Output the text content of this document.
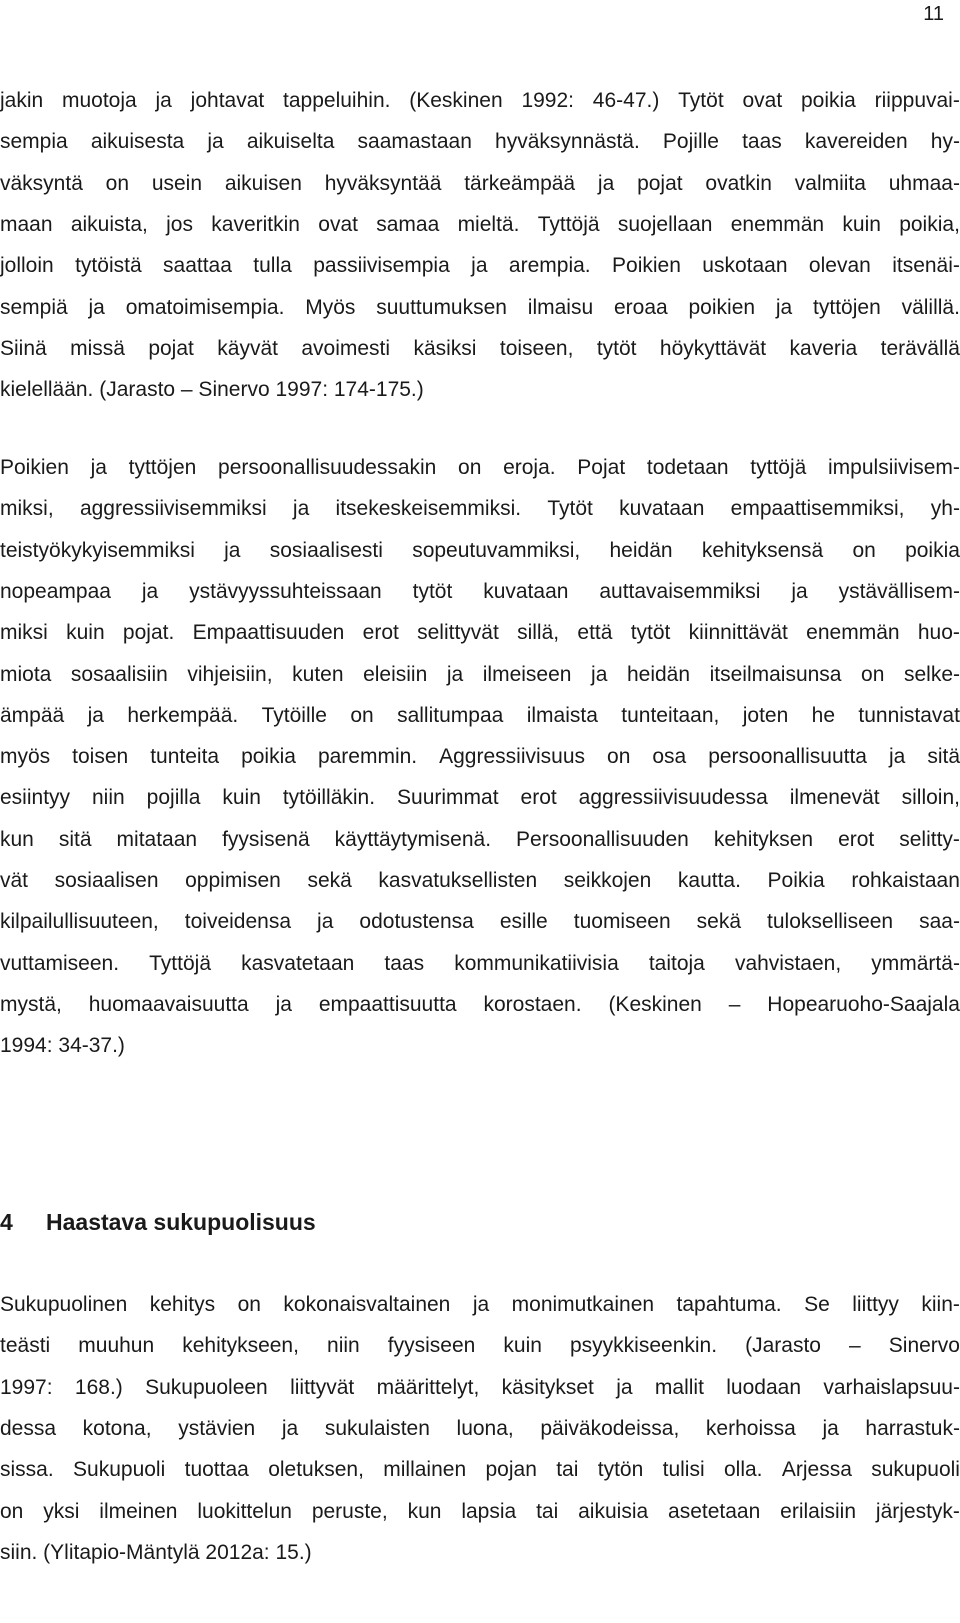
11
jakin muotoja ja johtavat tappeluihin. (Keskinen 1992: 46-47.) Tytöt ovat poikia riippuvai-
sempia aikuisesta ja aikuiselta saamastaan hyväksynnästä. Pojille taas kavereiden hy-
väksyntä on usein aikuisen hyväksyntää tärkeämpää ja pojat ovatkin valmiita uhmaa-
maan aikuista, jos kaveritkin ovat samaa mieltä. Tyttöjä suojellaan enemmän kuin poikia,
jolloin tytöistä saattaa tulla passiivisempia ja arempia. Poikien uskotaan olevan itsenäi-
sempiä ja omatoimisempia. Myös suuttumuksen ilmaisu eroaa poikien ja tyttöjen välillä.
Siinä missä pojat käyvät avoimesti käsiksi toiseen, tytöt höykyttävät kaveria terävällä
kielellään. (Jarasto – Sinervo 1997: 174-175.)
Poikien ja tyttöjen persoonallisuudessakin on eroja. Pojat todetaan tyttöjä impulsiivisem-
miksi, aggressiivisemmiksi ja itsekeskeisemmiksi. Tytöt kuvataan empaattisemmiksi, yh-
teistyökykyisemmiksi ja sosiaalisesti sopeutuvammiksi, heidän kehityksensä on poikia
nopeampaa ja ystävyyssuhteissaan tytöt kuvataan auttavaisemmiksi ja ystävällisem-
miksi kuin pojat. Empaattisuuden erot selittyvät sillä, että tytöt kiinnittävät enemmän huo-
miota sosaalisiin vihjeisiin, kuten eleisiin ja ilmeiseen ja heidän itseilmaisunsa on selke-
ämpää ja herkempää. Tytöille on sallitumpaa ilmaista tunteitaan, joten he tunnistavat
myös toisen tunteita poikia paremmin. Aggressiivisuus on osa persoonallisuutta ja sitä
esiintyy niin pojilla kuin tytöilläkin. Suurimmat erot aggressiivisuudessa ilmenevät silloin,
kun sitä mitataan fyysisenä käyttäytymisenä. Persoonallisuuden kehityksen erot selitty-
vät sosiaalisen oppimisen sekä kasvatuksellisten seikkojen kautta. Poikia rohkaistaan
kilpailullisuuteen, toiveidensa ja odotustensa esille tuomiseen sekä tulokselliseen saa-
vuttamiseen. Tyttöjä kasvatetaan taas kommunikatiivisia taitoja vahvistaen, ymmärtä-
mystä, huomaavaisuutta ja empaattisuutta korostaen. (Keskinen – Hopearuoho-Saajala
1994: 34-37.)
4 Haastava sukupuolisuus
Sukupuolinen kehitys on kokonaisvaltainen ja monimutkainen tapahtuma. Se liittyy kiin-
teästi muuhun kehitykseen, niin fyysiseen kuin psyykkiseenkin. (Jarasto – Sinervo
1997: 168.) Sukupuoleen liittyvät määrittelyt, käsitykset ja mallit luodaan varhaislapsuu-
dessa kotona, ystävien ja sukulaisten luona, päiväkodeissa, kerhoissa ja harrastuk-
sissa. Sukupuoli tuottaa oletuksen, millainen pojan tai tytön tulisi olla. Arjessa sukupuoli
on yksi ilmeinen luokittelun peruste, kun lapsia tai aikuisia asetetaan erilaisiin järjestyk-
siin. (Ylitapio-Mäntylä 2012a: 15.)
